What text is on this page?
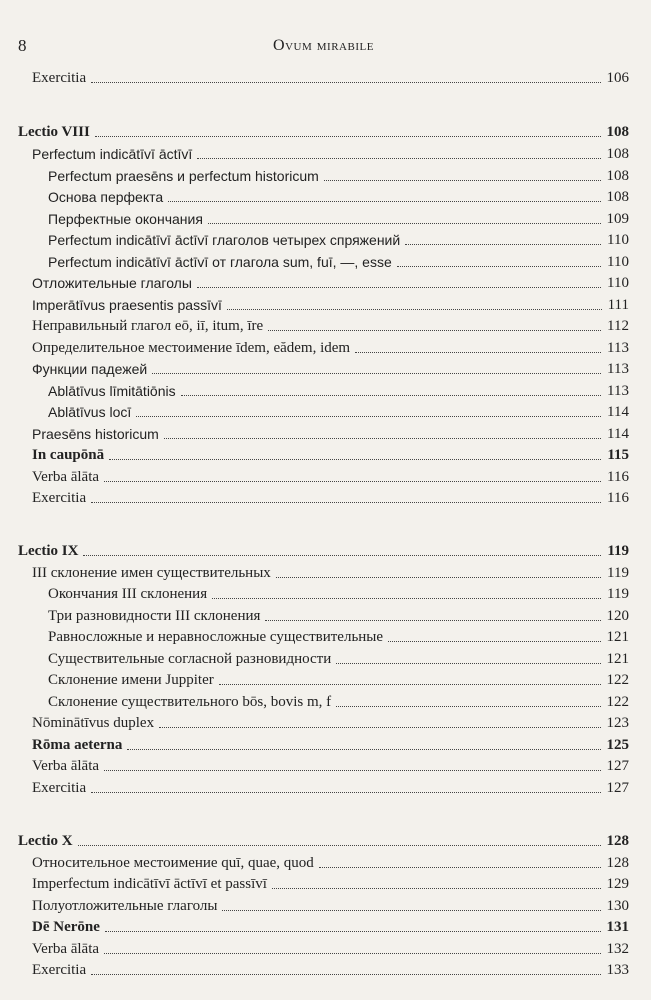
8	Ovum mirabile
Exercitia	106
Lectio VIII	108
Perfectum indicātīvī āctīvī	108
Perfectum praesēns и perfectum historicum	108
Основа перфекта	108
Перфектные окончания	109
Perfectum indicātīvī āctīvī глаголов четырех спряжений	110
Perfectum indicātīvī āctīvī от глагола sum, fuī, —, esse	110
Отложительные глаголы	110
Imperātīvus praesentis passīvī	111
Неправильный глагол eō, iī, itum, īre	112
Определительное местоимение īdem, eădem, idem	113
Функции падежей	113
Ablātīvus līmitātiōnis	113
Ablātīvus locī	114
Praesēns historicum	114
In caupōnā	115
Verba ālāta	116
Exercitia	116
Lectio IX	119
III склонение имен существительных	119
Окончания III склонения	119
Три разновидности III склонения	120
Равносложные и неравносложные существительные	121
Существительные согласной разновидности	121
Склонение имени Juppiter	122
Склонение существительного bōs, bovis m, f	122
Nōminātīvus duplex	123
Rōma aeterna	125
Verba ālāta	127
Exercitia	127
Lectio X	128
Относительное местоимение quī, quae, quod	128
Imperfectum indicātīvī āctīvī et passīvī	129
Полуотложительные глаголы	130
Dē Nerōne	131
Verba ālāta	132
Exercitia	133
